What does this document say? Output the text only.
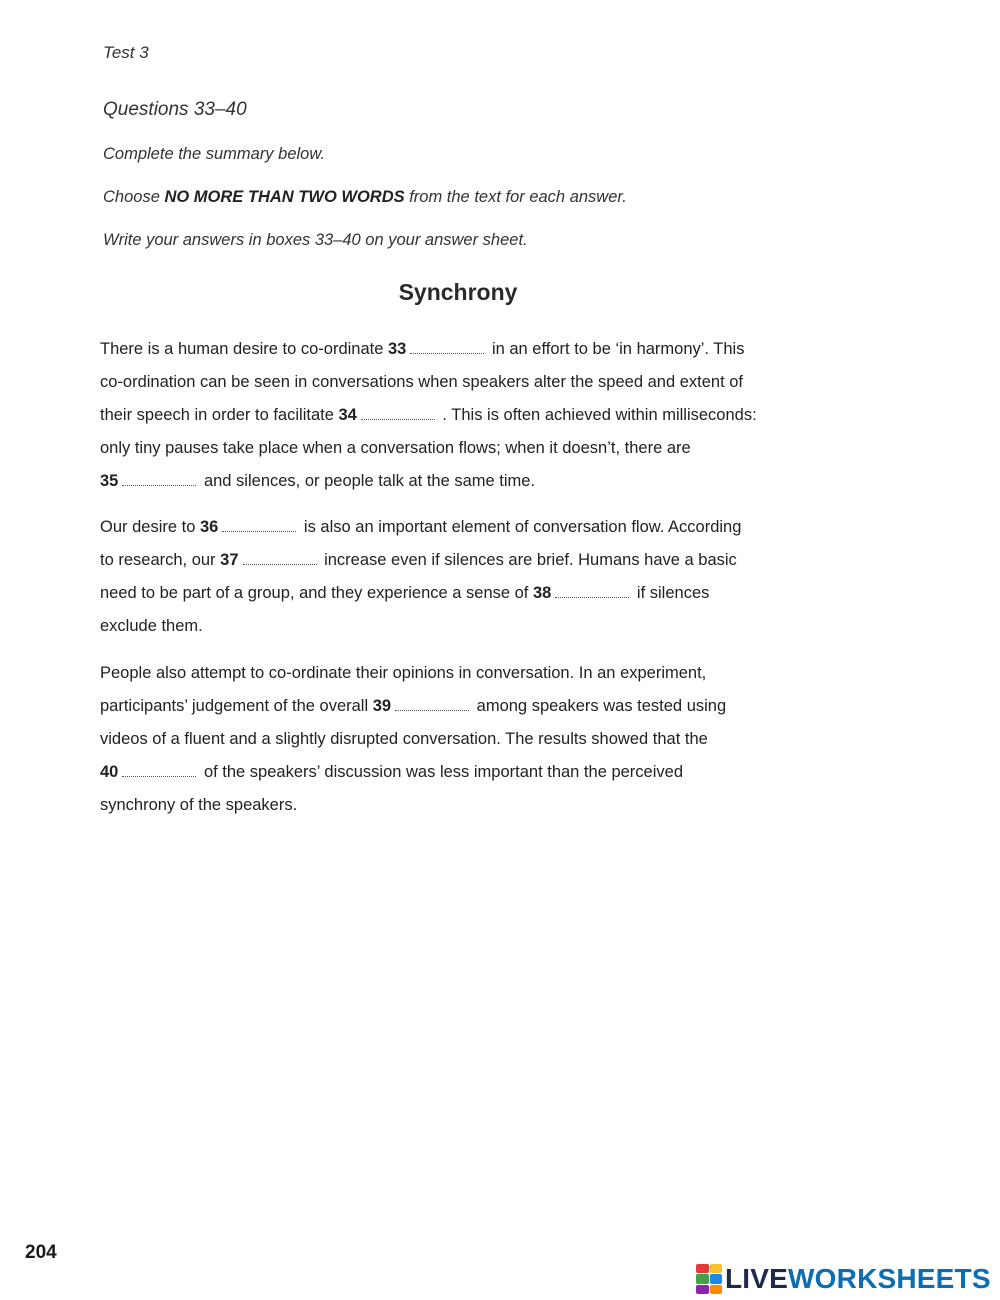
Test 3
Questions 33–40
Complete the summary below.
Choose NO MORE THAN TWO WORDS from the text for each answer.
Write your answers in boxes 33–40 on your answer sheet.
Synchrony
There is a human desire to co-ordinate 33	in an effort to be ‘in harmony’. This
co-ordination can be seen in conversations when speakers alter the speed and extent of
their speech in order to facilitate 34	. This is often achieved within milliseconds:
only tiny pauses take place when a conversation flows; when it doesn’t, there are
35	and silences, or people talk at the same time.
Our desire to 36	is also an important element of conversation flow. According
to research, our 37	increase even if silences are brief. Humans have a basic
need to be part of a group, and they experience a sense of 38	if silences
exclude them.
People also attempt to co-ordinate their opinions in conversation. In an experiment,
participants’ judgement of the overall 39	among speakers was tested using
videos of a fluent and a slightly disrupted conversation. The results showed that the
40	of the speakers’ discussion was less important than the perceived
synchrony of the speakers.
204
LIVEWORKSHEETS
